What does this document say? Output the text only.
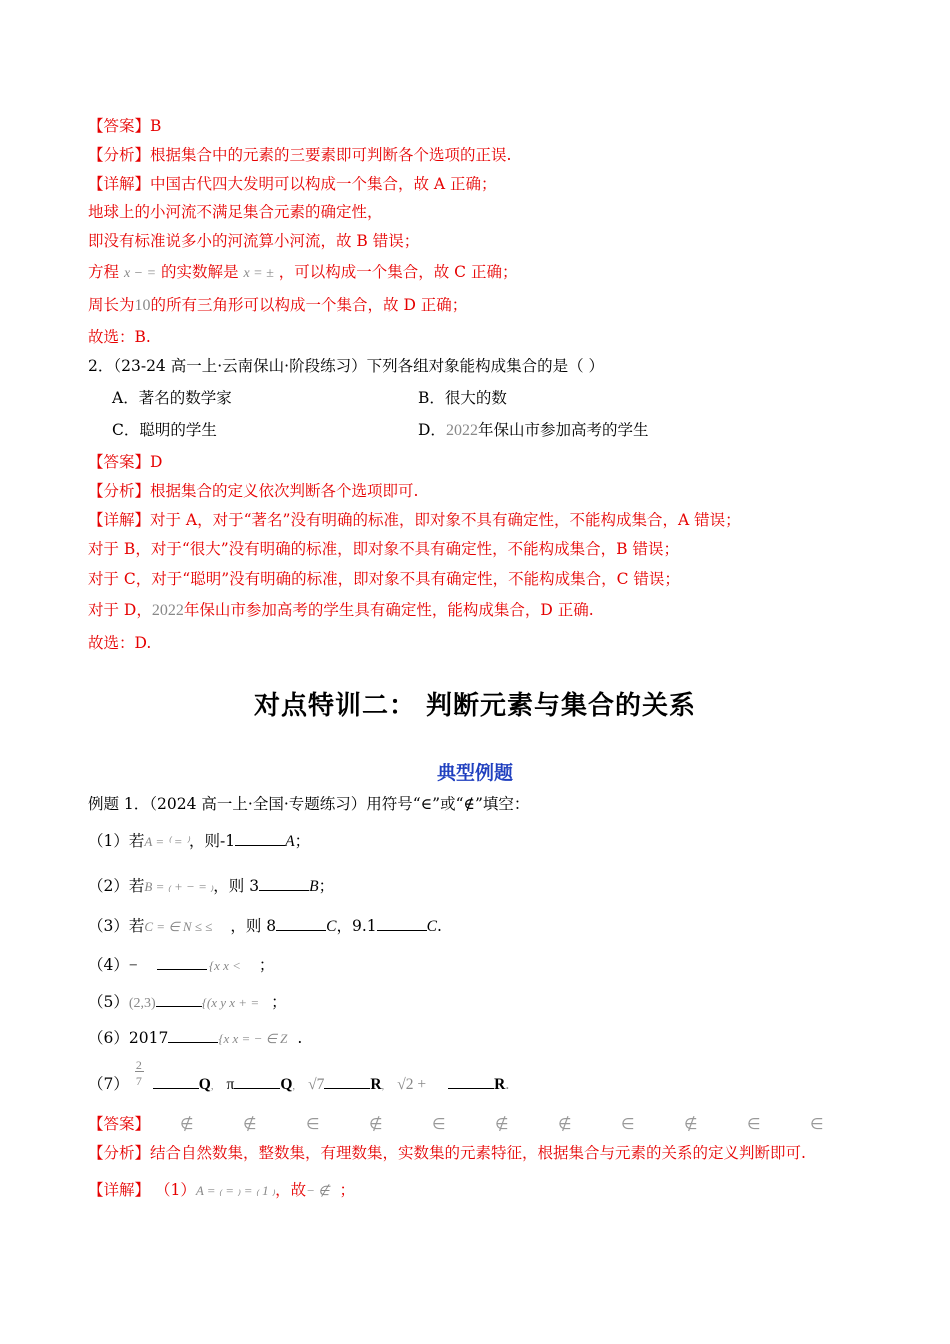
【答案】B
【分析】根据集合中的元素的三要素即可判断各个选项的正误.
【详解】中国古代四大发明可以构成一个集合，故 A 正确；
地球上的小河流不满足集合元素的确定性，
即没有标准说多小的河流算小河流，故 B 错误；
方程 x − = 的实数解是 x = ± ，可以构成一个集合，故 C 正确；
周长为10的所有三角形可以构成一个集合，故 D 正确；
故选：B.
2．（23-24 高一上·云南保山·阶段练习）下列各组对象能构成集合的是（ ）
A．著名的数学家	B．很大的数
C．聪明的学生	D．2022年保山市参加高考的学生
【答案】D
【分析】根据集合的定义依次判断各个选项即可.
【详解】对于 A，对于“著名”没有明确的标准，即对象不具有确定性，不能构成集合，A 错误；
对于 B，对于“很大”没有明确的标准，即对象不具有确定性，不能构成集合，B 错误；
对于 C，对于“聪明”没有明确的标准，即对象不具有确定性，不能构成集合，C 错误；
对于 D，2022年保山市参加高考的学生具有确定性，能构成集合，D 正确.
故选：D.
对点特训二： 判断元素与集合的关系
典型例题
例题 1．（2024 高一上·全国·专题练习）用符号“∈”或“∉”填空：
（1）若A = ⁽ = ⁾，则-1	A；
（2）若B = ₍ + − = ₎，则 3	B；
（3）若C = ∈ N ≤ ≤ ，则 8	C，9.1	C.
（4）−	{x x < ；
（5）(2,3)	{(x y x + = ；
（6）2017	{x x = − ∈ Z .
$(7) \frac{2}{7}$	Q, π	Q, √7	R, √2 +	R.
【答案】 ∉	∉	∈	∉	∈	∉	∉	∈	∉	∈	∈
【分析】结合自然数集，整数集，有理数集，实数集的元素特征，根据集合与元素的关系的定义判断即可.
【详解】 （1）A = ₍ = ₎ = ₍ 1 ₎，故− ∉ ；
